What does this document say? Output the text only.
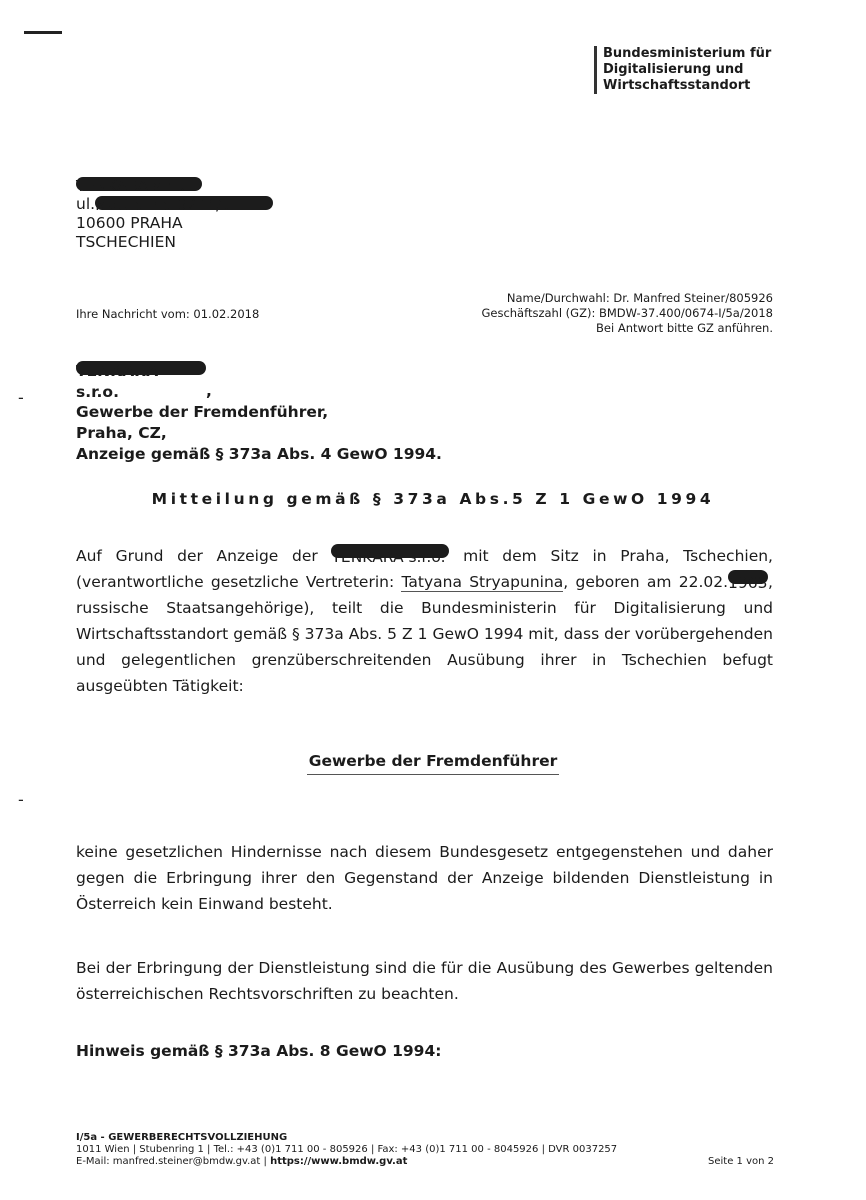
-
-
Bundesministerium für
Digitalisierung und
Wirtschaftsstandort
TENKARA s.r.o.
ul.Mattioliho 3274/1
10600 PRAHA
TSCHECHIEN
Ihre Nachricht vom: 01.02.2018
Name/Durchwahl: Dr. Manfred Steiner/805926
Geschäftszahl (GZ): BMDW-37.400/0674-I/5a/2018
Bei Antwort bitte GZ anführen.
TENKARA s.r.o.	,
Gewerbe der Fremdenführer,
Praha, CZ,
Anzeige gemäß § 373a Abs. 4 GewO 1994.
Mitteilung gemäß § 373a Abs.5 Z 1 GewO 1994
Auf Grund der Anzeige der TENKARA s.r.o. mit dem Sitz in Praha, Tschechien, (verantwortliche gesetzliche Vertreterin: Tatyana Stryapunina, geboren am 22.02.1963, russische Staatsangehörige), teilt die Bundesministerin für Digitalisierung und Wirtschaftsstandort gemäß § 373a Abs. 5 Z 1 GewO 1994 mit, dass der vorübergehenden und gelegentlichen grenzüberschreitenden Ausübung ihrer in Tschechien befugt ausgeübten Tätigkeit:
Gewerbe der Fremdenführer
keine gesetzlichen Hindernisse nach diesem Bundesgesetz entgegenstehen und daher gegen die Erbringung ihrer den Gegenstand der Anzeige bildenden Dienstleistung in Österreich kein Einwand besteht.
Bei der Erbringung der Dienstleistung sind die für die Ausübung des Gewerbes geltenden österreichischen Rechtsvorschriften zu beachten.
Hinweis gemäß § 373a Abs. 8 GewO 1994:
I/5a - GEWERBERECHTSVOLLZIEHUNG
1011 Wien | Stubenring 1 | Tel.: +43 (0)1 711 00 - 805926 | Fax: +43 (0)1 711 00 - 8045926 | DVR 0037257
E-Mail: manfred.steiner@bmdw.gv.at | https://www.bmdw.gv.at	Seite 1 von 2
